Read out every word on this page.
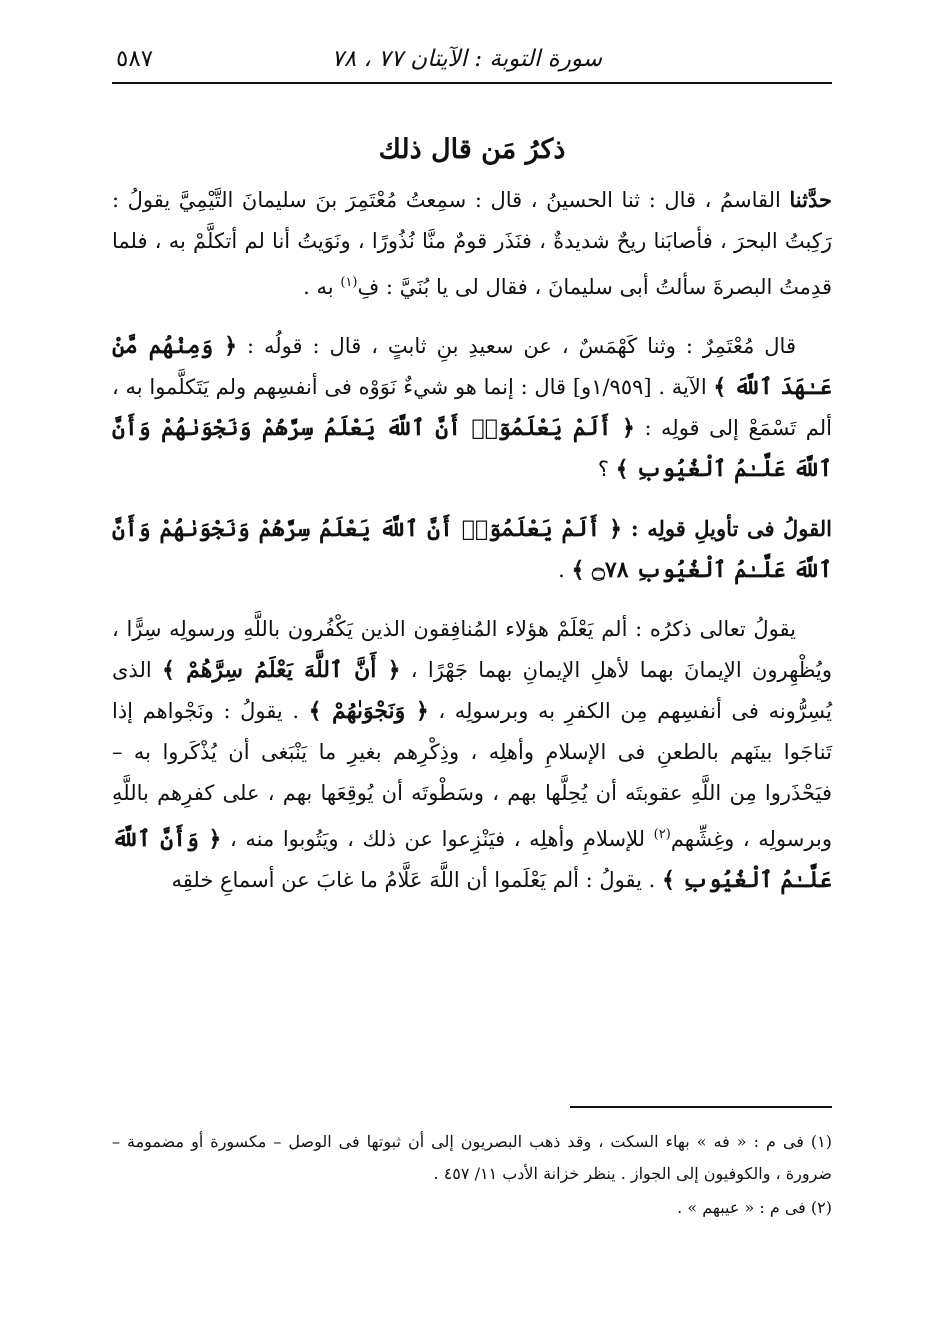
سورة التوبة : الآيتان ٧٧ ، ٧٨
٥٨٧
ذكرُ مَن قال ذلك

حدَّثنا القاسمُ ، قال : ثنا الحسينُ ، قال : سمِعتُ مُعْتَمِرَ بنَ سليمانَ التَّيْمِيَّ يقولُ : رَكِبتُ البحرَ ، فأصابَنا ريحٌ شديدةٌ ، فنَذَر قومٌ منَّا نُذُورًا ، ونَوَيتُ أنا لم أتكلَّمْ به ، فلما قدِمتُ البصرةَ سألتُ أبى سليمانَ ، فقال لى يا بُنَيَّ : فِ$^{(١)}$ به .

قال مُعْتَمِرٌ : وثنا كَهْمَسٌ ، عن سعيدِ بنِ ثابتٍ ، قال : قولُه : ﴿ وَمِنْهُم مَّنْ عَـٰهَدَ ٱللَّهَ ﴾ الآية . [١/٩٥٩و] قال : إنما هو شيءٌ نَوَوْه فى أنفسِهم ولم يَتَكلَّموا به ، ألم تَسْمَعْ إلى قولِه : ﴿ أَلَمْ يَعْلَمُوٓا۟ أَنَّ ٱللَّهَ يَعْلَمُ سِرَّهُمْ وَنَجْوَىٰهُمْ وَأَنَّ ٱللَّهَ عَلَّـٰمُ ٱلْغُيُوبِ ﴾ ؟

القولُ فى تأويلِ قولِه : ﴿ أَلَمْ يَعْلَمُوٓا۟ أَنَّ ٱللَّهَ يَعْلَمُ سِرَّهُمْ وَنَجْوَىٰهُمْ وَأَنَّ ٱللَّهَ عَلَّـٰمُ ٱلْغُيُوبِ ۝٧٨ ﴾ .

يقولُ تعالى ذكرُه : ألم يَعْلَمْ هؤلاء المُنافِقون الذين يَكْفُرون باللَّهِ ورسولِه سِرًّا ، ويُظْهِرون الإيمانَ بهما لأهلِ الإيمانِ بهما جَهْرًا ، ﴿ أَنَّ ٱللَّهَ يَعْلَمُ سِرَّهُمْ ﴾ الذى يُسِرُّونه فى أنفسِهم مِن الكفرِ به وبرسولِه ، ﴿ وَنَجْوَىٰهُمْ ﴾ . يقولُ : ونَجْواهم إذا تَناجَوا بينَهم بالطعنِ فى الإسلامِ وأهلِه ، وذِكْرِهم بغيرِ ما يَنْبَغى أن يُذْكَروا به – فيَحْذَروا مِن اللَّهِ عقوبتَه أن يُحِلَّها بهم ، وسَطْوتَه أن يُوقِعَها بهم ، على كفرِهم باللَّهِ وبرسولِه ، وغِشِّهم$^{(٢)}$ للإسلامِ وأهلِه ، فيَنْزِعوا عن ذلك ، ويَتُوبوا منه ، ﴿ وَأَنَّ ٱللَّهَ عَلَّـٰمُ ٱلْغُيُوبِ ﴾ . يقولُ : ألم يَعْلَموا أن اللَّهَ عَلَّامُ ما غابَ عن أسماعِ خلقِه

(١) فى م : « فه » بهاء السكت ، وقد ذهب البصريون إلى أن ثبوتها فى الوصل – مكسورة أو مضمومة – ضرورة ، والكوفيون إلى الجواز . ينظر خزانة الأدب ١١/ ٤٥٧ .

(٢) فى م : « عيبهم » .
